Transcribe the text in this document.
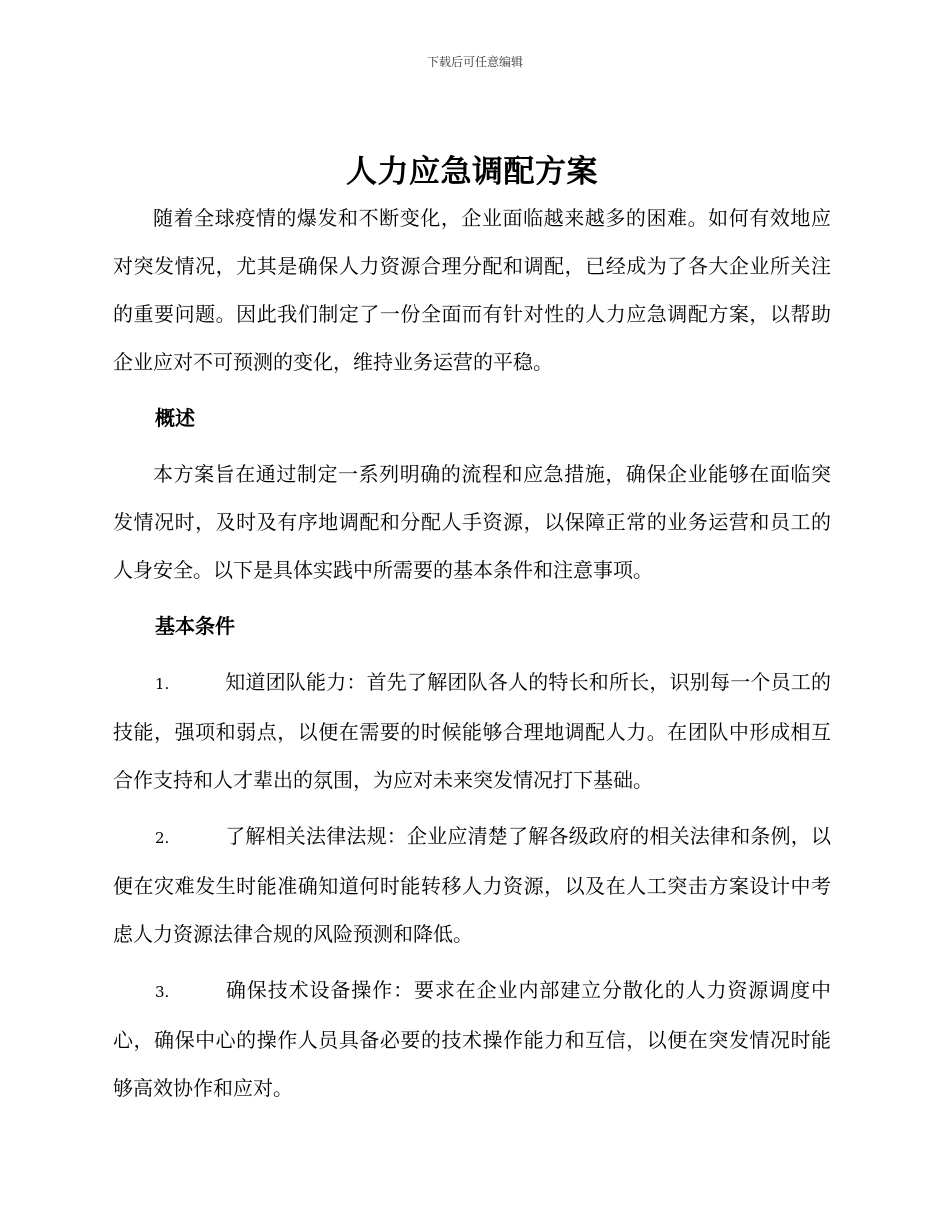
下载后可任意编辑
人力应急调配方案

随着全球疫情的爆发和不断变化，企业面临越来越多的困难。如何有效地应对突发情况，尤其是确保人力资源合理分配和调配，已经成为了各大企业所关注的重要问题。因此我们制定了一份全面而有针对性的人力应急调配方案，以帮助企业应对不可预测的变化，维持业务运营的平稳。

概述

本方案旨在通过制定一系列明确的流程和应急措施，确保企业能够在面临突发情况时，及时及有序地调配和分配人手资源，以保障正常的业务运营和员工的人身安全。以下是具体实践中所需要的基本条件和注意事项。

基本条件

1.	知道团队能力：首先了解团队各人的特长和所长，识别每一个员工的技能，强项和弱点，以便在需要的时候能够合理地调配人力。在团队中形成相互合作支持和人才辈出的氛围，为应对未来突发情况打下基础。

2.	了解相关法律法规：企业应清楚了解各级政府的相关法律和条例，以便在灾难发生时能准确知道何时能转移人力资源，以及在人工突击方案设计中考虑人力资源法律合规的风险预测和降低。

3.	确保技术设备操作：要求在企业内部建立分散化的人力资源调度中心，确保中心的操作人员具备必要的技术操作能力和互信，以便在突发情况时能够高效协作和应对。
